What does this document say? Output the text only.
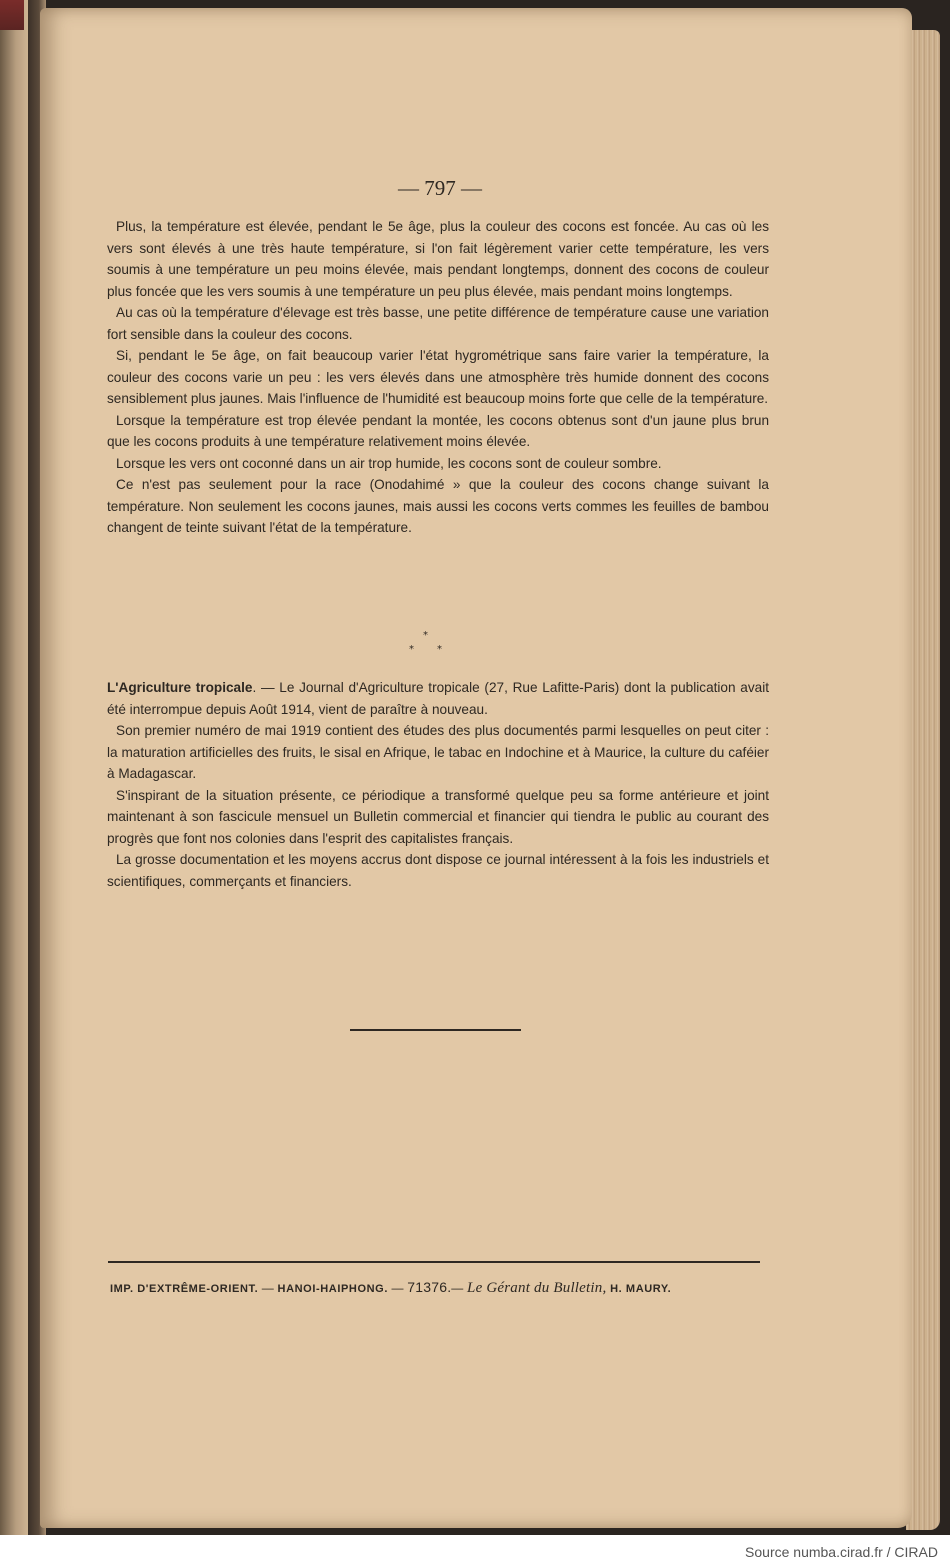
— 797 —

Plus, la température est élevée, pendant le 5e âge, plus la couleur des cocons est foncée. Au cas où les vers sont élevés à une très haute température, si l'on fait légèrement varier cette température, les vers soumis à une température un peu moins élevée, mais pendant longtemps, donnent des cocons de couleur plus foncée que les vers soumis à une température un peu plus élevée, mais pendant moins longtemps.

Au cas où la température d'élevage est très basse, une petite différence de température cause une variation fort sensible dans la couleur des cocons.

Si, pendant le 5e âge, on fait beaucoup varier l'état hygrométrique sans faire varier la température, la couleur des cocons varie un peu : les vers élevés dans une atmosphère très humide donnent des cocons sensiblement plus jaunes. Mais l'influence de l'humidité est beaucoup moins forte que celle de la température.

Lorsque la température est trop élevée pendant la montée, les cocons obtenus sont d'un jaune plus brun que les cocons produits à une température relativement moins élevée.

Lorsque les vers ont coconné dans un air trop humide, les cocons sont de couleur sombre.

Ce n'est pas seulement pour la race (Onodahimé » que la couleur des cocons change suivant la température. Non seulement les cocons jaunes, mais aussi les cocons verts commes les feuilles de bambou changent de teinte suivant l'état de la température.

*
* *

L'Agriculture tropicale. — Le Journal d'Agriculture tropicale (27, Rue Lafitte-Paris) dont la publication avait été interrompue depuis Août 1914, vient de paraître à nouveau.

Son premier numéro de mai 1919 contient des études des plus documentés parmi lesquelles on peut citer : la maturation artificielles des fruits, le sisal en Afrique, le tabac en Indochine et à Maurice, la culture du caféier à Madagascar.

S'inspirant de la situation présente, ce périodique a transformé quelque peu sa forme antérieure et joint maintenant à son fascicule mensuel un Bulletin commercial et financier qui tiendra le public au courant des progrès que font nos colonies dans l'esprit des capitalistes français.

La grosse documentation et les moyens accrus dont dispose ce journal intéressent à la fois les industriels et scientifiques, commerçants et financiers.

IMP. D'EXTRÊME-ORIENT. — HANOI-HAIPHONG. — 71376.— Le Gérant du Bulletin, H. MAURY.
Source numba.cirad.fr / CIRAD
